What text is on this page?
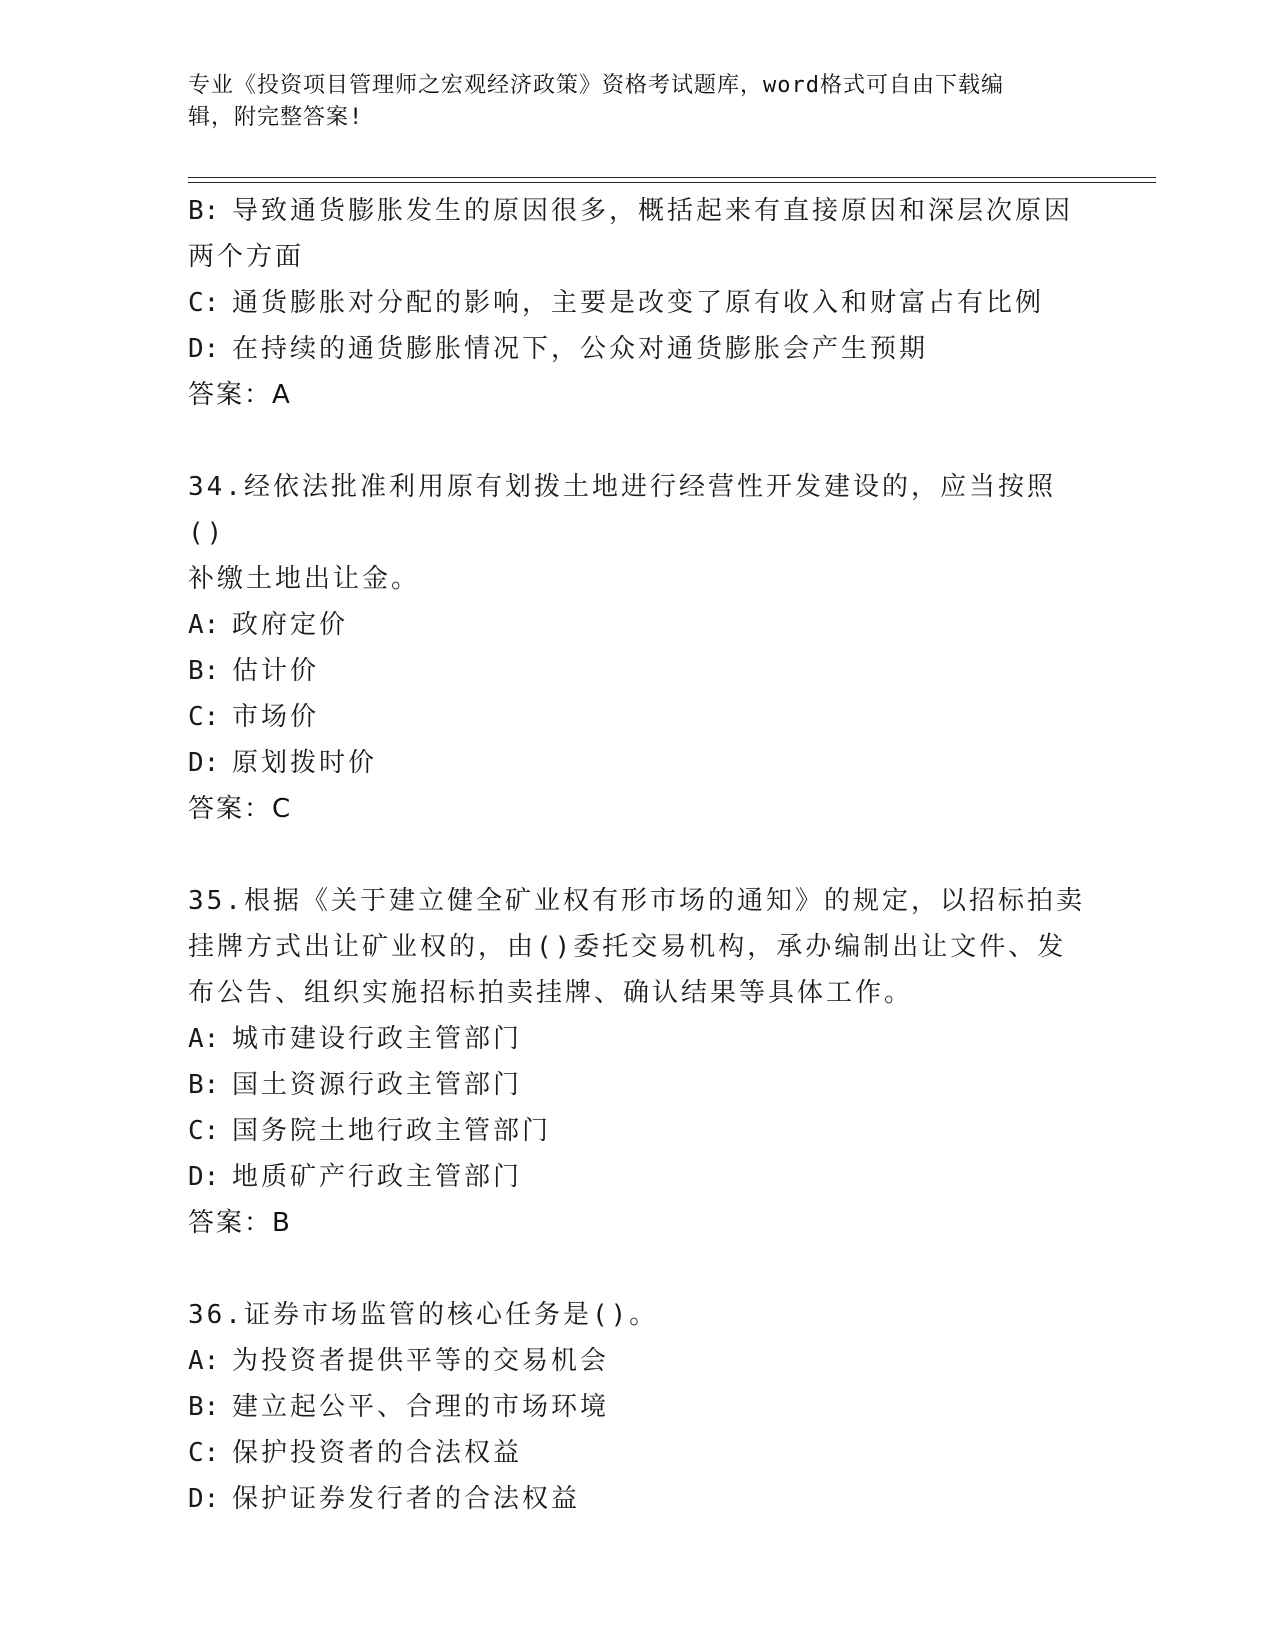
专业《投资项目管理师之宏观经济政策》资格考试题库，word格式可自由下载编
辑，附完整答案!
B: 导致通货膨胀发生的原因很多，概括起来有直接原因和深层次原因
两个方面
C: 通货膨胀对分配的影响，主要是改变了原有收入和财富占有比例
D: 在持续的通货膨胀情况下，公众对通货膨胀会产生预期
答案：A
34.经依法批准利用原有划拨土地进行经营性开发建设的，应当按照()
补缴土地出让金。
A: 政府定价
B: 估计价
C: 市场价
D: 原划拨时价
答案：C
35.根据《关于建立健全矿业权有形市场的通知》的规定，以招标拍卖
挂牌方式出让矿业权的，由()委托交易机构，承办编制出让文件、发
布公告、组织实施招标拍卖挂牌、确认结果等具体工作。
A: 城市建设行政主管部门
B: 国土资源行政主管部门
C: 国务院土地行政主管部门
D: 地质矿产行政主管部门
答案：B
36.证券市场监管的核心任务是()。
A: 为投资者提供平等的交易机会
B: 建立起公平、合理的市场环境
C: 保护投资者的合法权益
D: 保护证券发行者的合法权益
